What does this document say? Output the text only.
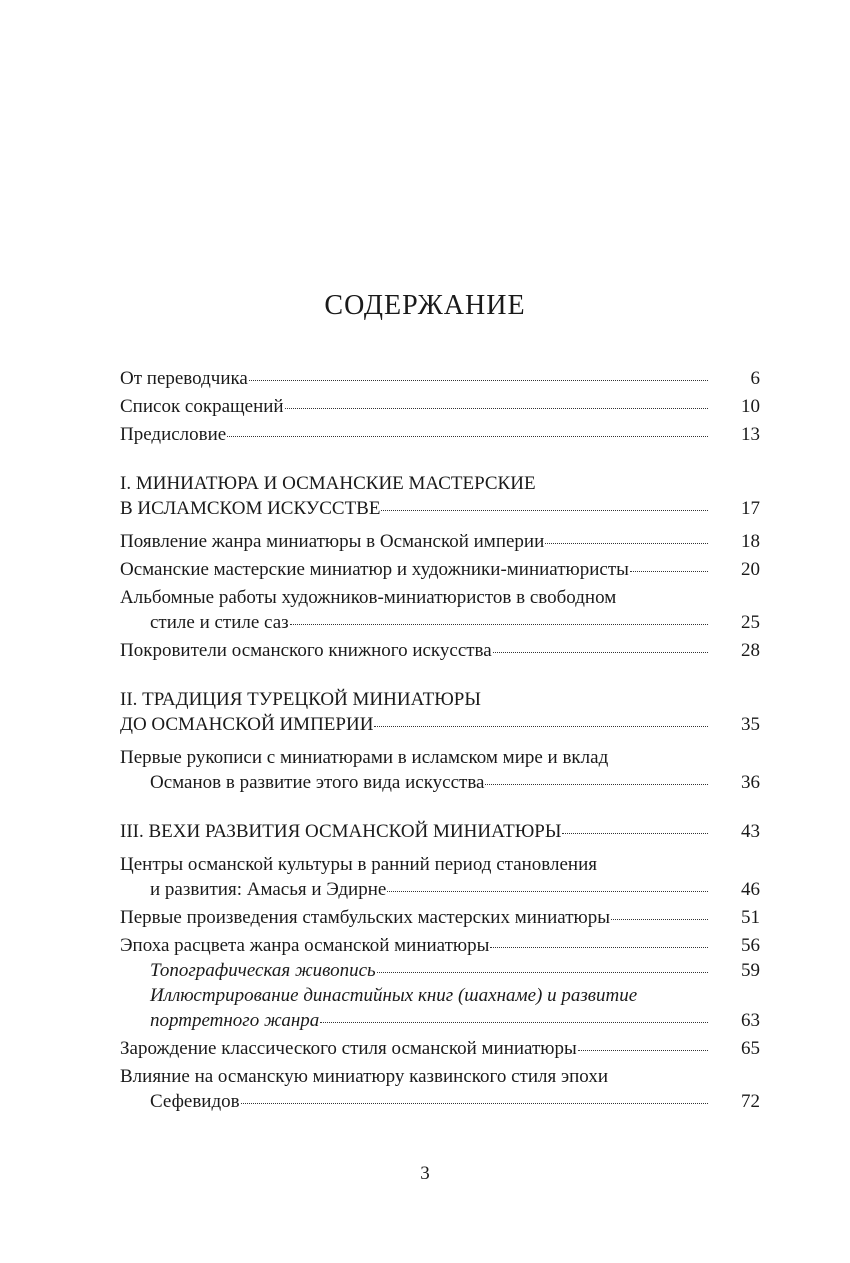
СОДЕРЖАНИЕ
От переводчика	6
Список сокращений	10
Предисловие	13
I. МИНИАТЮРА И ОСМАНСКИЕ МАСТЕРСКИЕ
В ИСЛАМСКОМ ИСКУССТВЕ	17
Появление жанра миниатюры в Османской империи	18
Османские мастерские миниатюр и художники-миниатюристы	20
Альбомные работы художников-миниатюристов в свободном
стиле и стиле саз	25
Покровители османского книжного искусства	28
II. ТРАДИЦИЯ ТУРЕЦКОЙ МИНИАТЮРЫ
ДО ОСМАНСКОЙ ИМПЕРИИ	35
Первые рукописи с миниатюрами в исламском мире и вклад
Османов в развитие этого вида искусства	36
III. ВЕХИ РАЗВИТИЯ ОСМАНСКОЙ МИНИАТЮРЫ	43
Центры османской культуры в ранний период становления
и развития: Амасья и Эдирне	46
Первые произведения стамбульских мастерских миниатюры	51
Эпоха расцвета жанра османской миниатюры	56
Топографическая живопись	59
Иллюстрирование династийных книг (шахнаме) и развитие
портретного жанра	63
Зарождение классического стиля османской миниатюры	65
Влияние на османскую миниатюру казвинского стиля эпохи
Сефевидов	72
3
